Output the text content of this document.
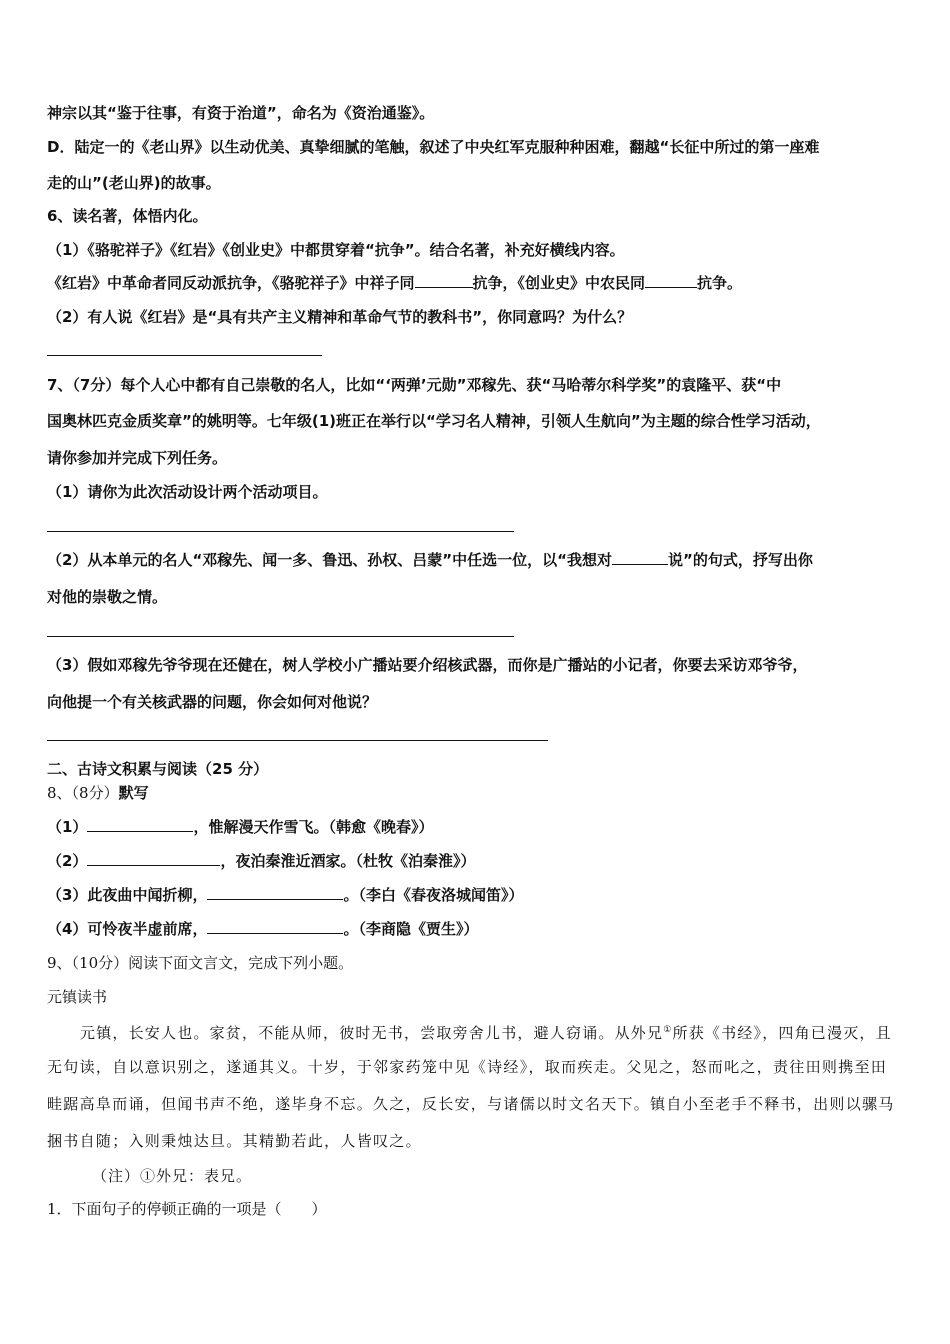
神宗以其“鉴于往事，有资于治道”，命名为《资治通鉴》。
D．陆定一的《老山界》以生动优美、真挚细腻的笔触，叙述了中央红军克服种种困难，翻越“长征中所过的第一座难
走的山”(老山界)的故事。
6、读名著，体悟内化。
（1）《骆驼祥子》《红岩》《创业史》中都贯穿着“抗争”。结合名著，补充好横线内容。
《红岩》中革命者同反动派抗争，《骆驼祥子》中祥子同	抗争，《创业史》中农民同	抗争。
（2）有人说《红岩》是“具有共产主义精神和革命气节的教科书”，你同意吗？为什么？
7、（7分）每个人心中都有自己崇敬的名人，比如“‘两弹’元勋”邓稼先、获“马哈蒂尔科学奖”的袁隆平、获“中
国奥林匹克金质奖章”的姚明等。七年级(1)班正在举行以“学习名人精神，引领人生航向”为主题的综合性学习活动，
请你参加并完成下列任务。
（1）请你为此次活动设计两个活动项目。
（2）从本单元的名人“邓稼先、闻一多、鲁迅、孙权、吕蒙”中任选一位，以“我想对	说”的句式，抒写出你
对他的崇敬之情。
（3）假如邓稼先爷爷现在还健在，树人学校小广播站要介绍核武器，而你是广播站的小记者，你要去采访邓爷爷，
向他提一个有关核武器的问题，你会如何对他说？
二、古诗文积累与阅读（25 分）
8、（8分）默写
（1）	，惟解漫天作雪飞。（韩愈《晚春》）
（2）	，夜泊秦淮近酒家。（杜牧《泊秦淮》）
（3）此夜曲中闻折柳，	。（李白《春夜洛城闻笛》）
（4）可怜夜半虚前席，	。（李商隐《贾生》）
9、（10分）阅读下面文言文，完成下列小题。
元镇读书
元镇，长安人也。家贫，不能从师，彼时无书，尝取旁舍儿书，避人窃诵。从外兄①所获《书经》，四角已漫灭，且
无句读，自以意识别之，遂通其义。十岁，于邻家药笼中见《诗经》，取而疾走。父见之，怒而叱之，责往田则携至田
畦踞高阜而诵，但闻书声不绝，遂毕身不忘。久之，反长安，与诸儒以时文名天下。镇自小至老手不释书，出则以骡马
捆书自随；入则秉烛达旦。其精勤若此，人皆叹之。
（注）①外兄：表兄。
1．下面句子的停顿正确的一项是（　　）
